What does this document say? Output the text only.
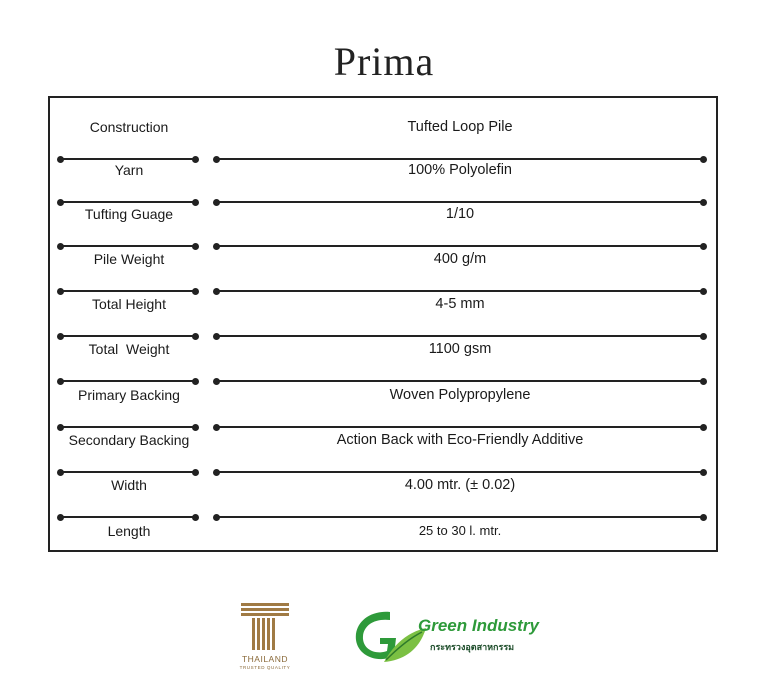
Prima
Construction	Tufted Loop Pile
Yarn	100% Polyolefin
Tufting Guage	1/10
Pile Weight	400 g/m
Total Height	4-5 mm
Total  Weight	1100 gsm
Primary Backing	Woven Polypropylene
Secondary Backing	Action Back with Eco-Friendly Additive
Width	4.00 mtr. (± 0.02)
Length	25 to 30 l. mtr.
THAILAND
TRUSTED QUALITY
Green Industry
กระทรวงอุตสาหกรรม
